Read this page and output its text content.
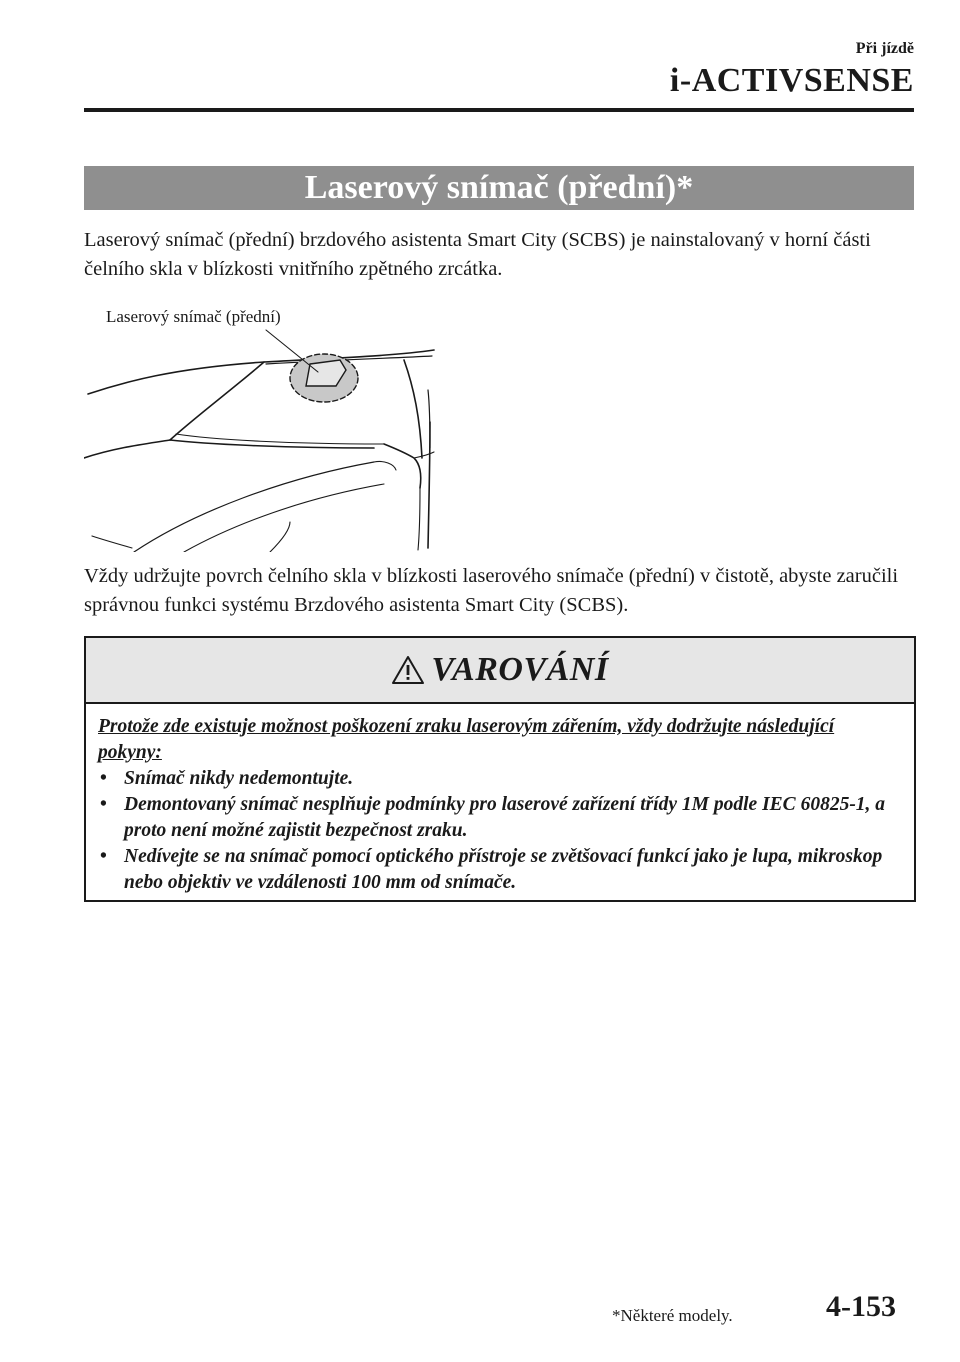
Při jízdě
i-ACTIVSENSE
Laserový snímač (přední)*
Laserový snímač (přední) brzdového asistenta Smart City (SCBS) je nainstalovaný v horní části čelního skla v blízkosti vnitřního zpětného zrcátka.
Laserový snímač (přední)
Vždy udržujte povrch čelního skla v blízkosti laserového snímače (přední) v čistotě, abyste zaručili správnou funkci systému Brzdového asistenta Smart City (SCBS).
VAROVÁNÍ
Protože zde existuje možnost poškození zraku laserovým zářením, vždy dodržujte následující pokyny:
• Snímač nikdy nedemontujte.
• Demontovaný snímač nesplňuje podmínky pro laserové zařízení třídy 1M podle IEC 60825-1, a proto není možné zajistit bezpečnost zraku.
• Nedívejte se na snímač pomocí optického přístroje se zvětšovací funkcí jako je lupa, mikroskop nebo objektiv ve vzdálenosti 100 mm od snímače.
*Některé modely.	4-153
